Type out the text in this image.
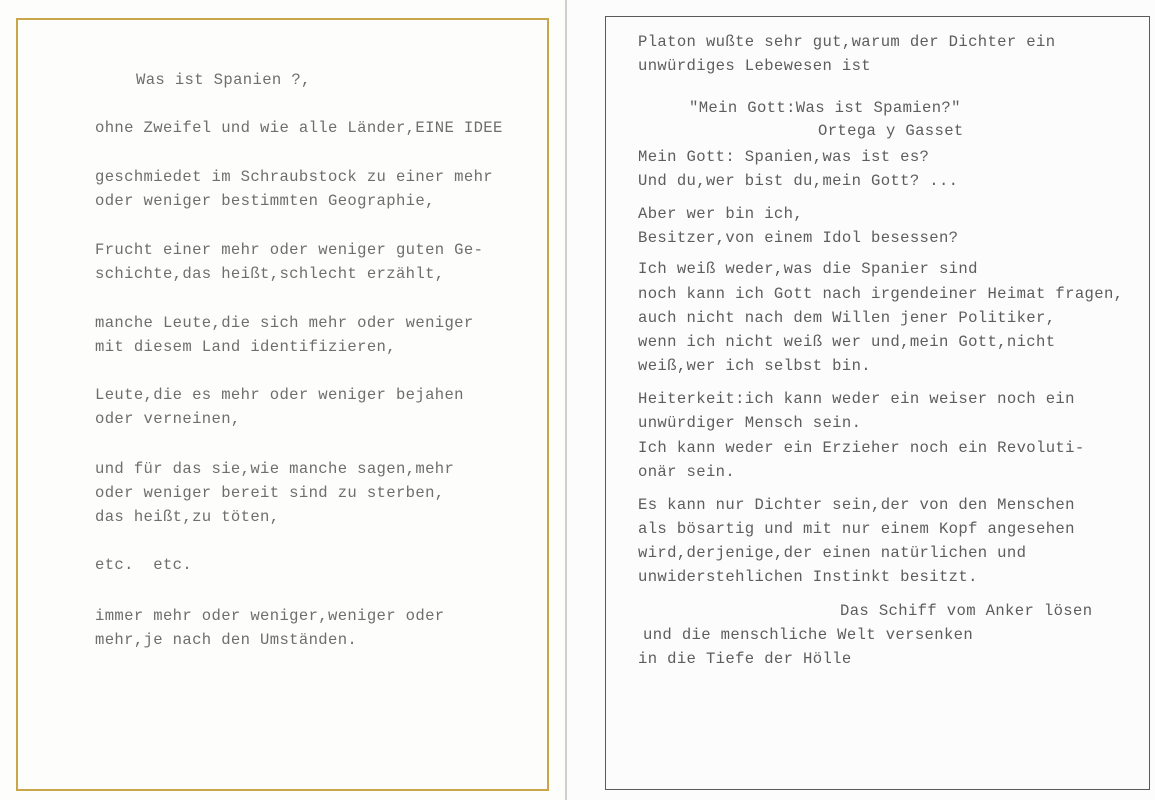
Was ist Spanien ?,
ohne Zweifel und wie alle Länder,EINE IDEE
geschmiedet im Schraubstock zu einer mehr
oder weniger bestimmten Geographie,
Frucht einer mehr oder weniger guten Ge-
schichte,das heißt,schlecht erzählt,
manche Leute,die sich mehr oder weniger
mit diesem Land identifizieren,
Leute,die es mehr oder weniger bejahen
oder verneinen,
und für das sie,wie manche sagen,mehr
oder weniger bereit sind zu sterben,
das heißt,zu töten,
etc.  etc.
immer mehr oder weniger,weniger oder
mehr,je nach den Umständen.
Platon wußte sehr gut,warum der Dichter ein
unwürdiges Lebewesen ist
"Mein Gott:Was ist Spamien?"
Ortega y Gasset
Mein Gott: Spanien,was ist es?
Und du,wer bist du,mein Gott? ...
Aber wer bin ich,
Besitzer,von einem Idol besessen?
Ich weiß weder,was die Spanier sind
noch kann ich Gott nach irgendeiner Heimat fragen,
auch nicht nach dem Willen jener Politiker,
wenn ich nicht weiß wer und,mein Gott,nicht
weiß,wer ich selbst bin.
Heiterkeit:ich kann weder ein weiser noch ein
unwürdiger Mensch sein.
Ich kann weder ein Erzieher noch ein Revoluti-
onär sein.
Es kann nur Dichter sein,der von den Menschen
als bösartig und mit nur einem Kopf angesehen
wird,derjenige,der einen natürlichen und
unwiderstehlichen Instinkt besitzt.
Das Schiff vom Anker lösen
und die menschliche Welt versenken
in die Tiefe der Hölle
